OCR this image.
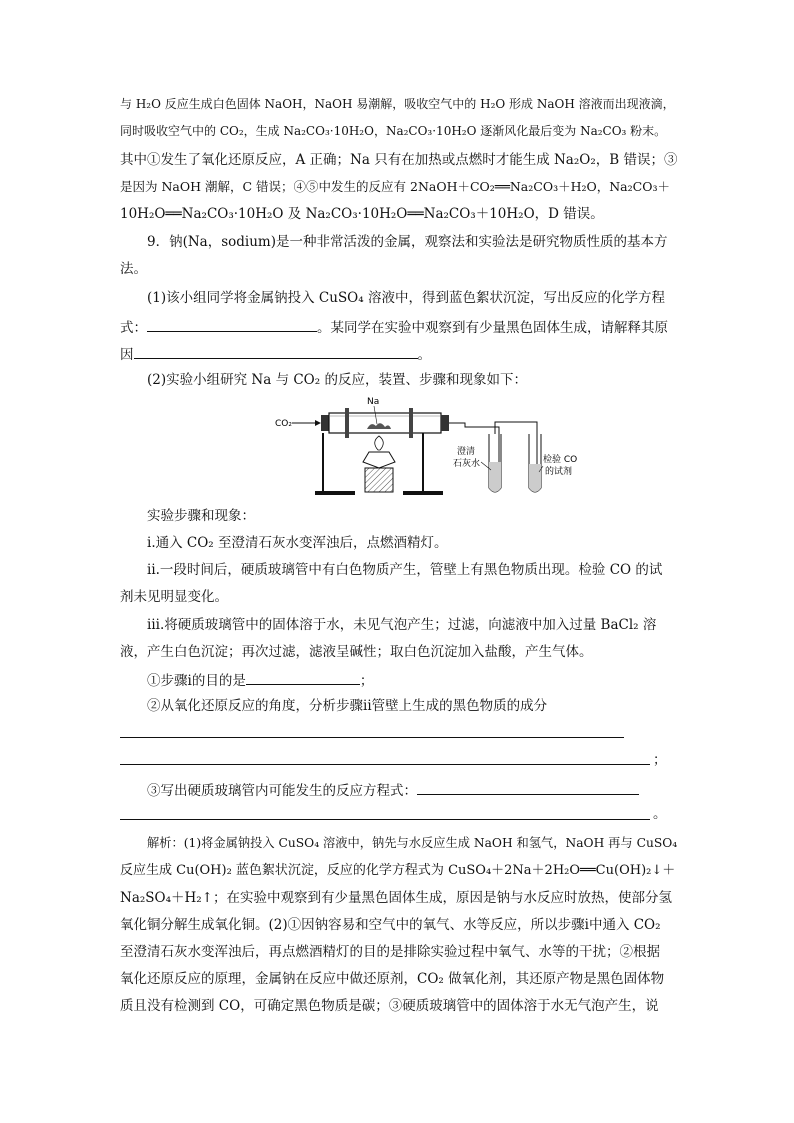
与 H₂O 反应生成白色固体 NaOH，NaOH 易潮解，吸收空气中的 H₂O 形成 NaOH 溶液而出现液滴，
同时吸收空气中的 CO₂，生成 Na₂CO₃·10H₂O，Na₂CO₃·10H₂O 逐渐风化最后变为 Na₂CO₃ 粉末。
其中①发生了氧化还原反应，A 正确；Na 只有在加热或点燃时才能生成 Na₂O₂，B 错误；③
是因为 NaOH 潮解，C 错误；④⑤中发生的反应有 2NaOH＋CO₂══Na₂CO₃＋H₂O，Na₂CO₃＋
10H₂O══Na₂CO₃·10H₂O 及 Na₂CO₃·10H₂O══Na₂CO₃＋10H₂O，D 错误。
9．钠(Na，sodium)是一种非常活泼的金属，观察法和实验法是研究物质性质的基本方
法。
(1)该小组同学将金属钠投入 CuSO₄ 溶液中，得到蓝色絮状沉淀，写出反应的化学方程
式：	。某同学在实验中观察到有少量黑色固体生成，请解释其原
因	。
(2)实验小组研究 Na 与 CO₂ 的反应，装置、步骤和现象如下：
CO₂
Na
澄清
石灰水	检验 CO
的试剂
实验步骤和现象：
ⅰ.通入 CO₂ 至澄清石灰水变浑浊后，点燃酒精灯。
ⅱ.一段时间后，硬质玻璃管中有白色物质产生，管壁上有黑色物质出现。检验 CO 的试
剂未见明显变化。
ⅲ.将硬质玻璃管中的固体溶于水，未见气泡产生；过滤，向滤液中加入过量 BaCl₂ 溶
液，产生白色沉淀；再次过滤，滤液呈碱性；取白色沉淀加入盐酸，产生气体。
①步骤ⅰ的目的是	；
②从氧化还原反应的角度，分析步骤ⅱ管壁上生成的黑色物质的成分
；
③写出硬质玻璃管内可能发生的反应方程式：
。
解析：(1)将金属钠投入 CuSO₄ 溶液中，钠先与水反应生成 NaOH 和氢气，NaOH 再与 CuSO₄
反应生成 Cu(OH)₂ 蓝色絮状沉淀，反应的化学方程式为 CuSO₄＋2Na＋2H₂O══Cu(OH)₂↓＋
Na₂SO₄＋H₂↑；在实验中观察到有少量黑色固体生成，原因是钠与水反应时放热，使部分氢
氧化铜分解生成氧化铜。(2)①因钠容易和空气中的氧气、水等反应，所以步骤ⅰ中通入 CO₂
至澄清石灰水变浑浊后，再点燃酒精灯的目的是排除实验过程中氧气、水等的干扰；②根据
氧化还原反应的原理，金属钠在反应中做还原剂，CO₂ 做氧化剂，其还原产物是黑色固体物
质且没有检测到 CO，可确定黑色物质是碳；③硬质玻璃管中的固体溶于水无气泡产生，说
